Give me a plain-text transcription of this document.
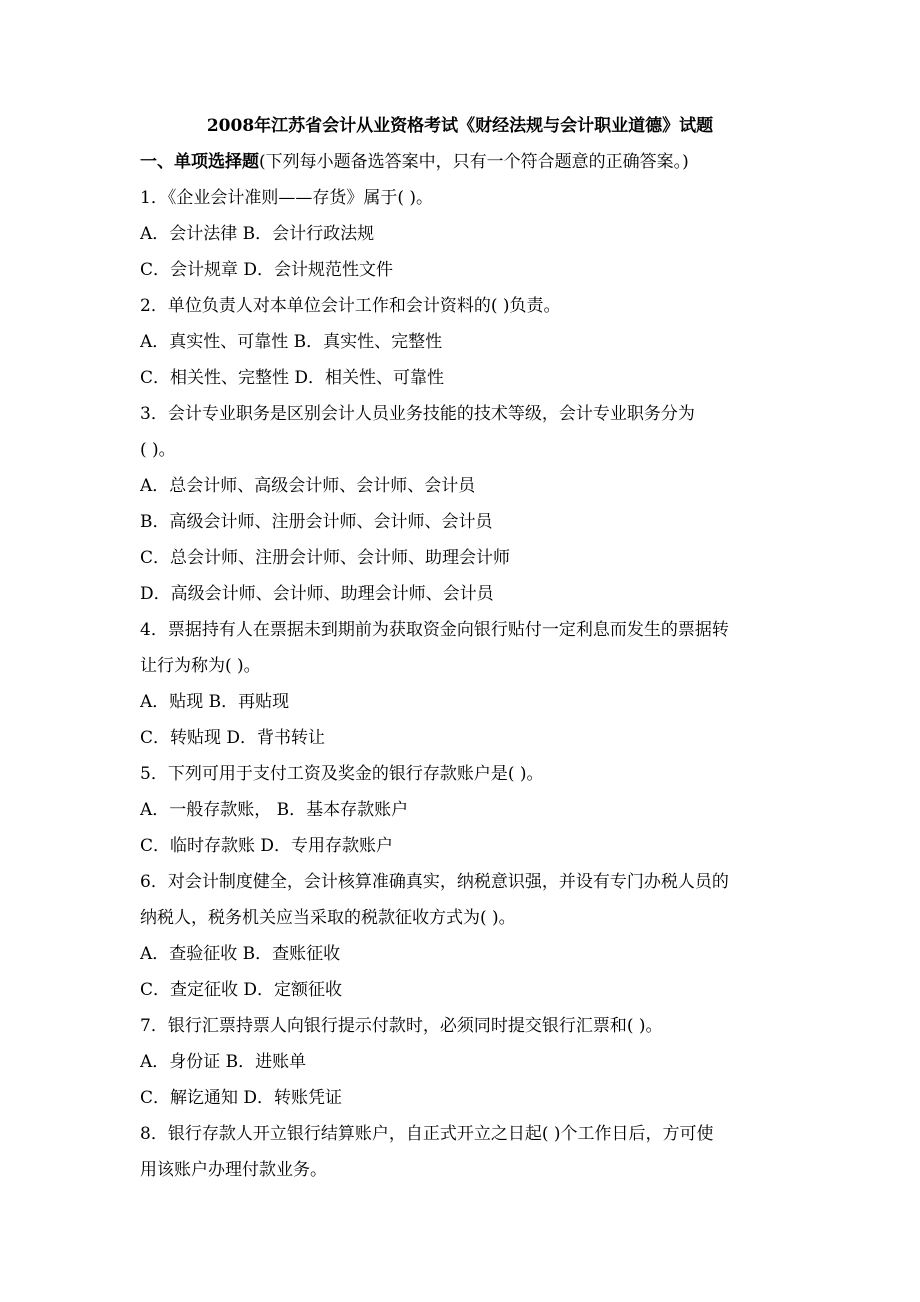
2008年江苏省会计从业资格考试《财经法规与会计职业道德》试题
一、单项选择题(下列每小题备选答案中，只有一个符合题意的正确答案。)
1．《企业会计准则——存货》属于( )。
A．会计法律 B．会计行政法规
C．会计规章 D．会计规范性文件
2．单位负责人对本单位会计工作和会计资料的( )负责。
A．真实性、可靠性 B．真实性、完整性
C．相关性、完整性 D．相关性、可靠性
3．会计专业职务是区别会计人员业务技能的技术等级，会计专业职务分为
( )。
A．总会计师、高级会计师、会计师、会计员
B．高级会计师、注册会计师、会计师、会计员
C．总会计师、注册会计师、会计师、助理会计师
D．高级会计师、会计师、助理会计师、会计员
4．票据持有人在票据未到期前为获取资金向银行贴付一定利息而发生的票据转
让行为称为( )。
A．贴现 B．再贴现
C．转贴现 D．背书转让
5．下列可用于支付工资及奖金的银行存款账户是( )。
A．一般存款账， B．基本存款账户
C．临时存款账 D．专用存款账户
6．对会计制度健全，会计核算准确真实，纳税意识强，并设有专门办税人员的
纳税人，税务机关应当采取的税款征收方式为( )。
A．查验征收 B．查账征收
C．查定征收 D．定额征收
7．银行汇票持票人向银行提示付款时，必须同时提交银行汇票和( )。
A．身份证 B．进账单
C．解讫通知 D．转账凭证
8．银行存款人开立银行结算账户，自正式开立之日起( )个工作日后，方可使
用该账户办理付款业务。
